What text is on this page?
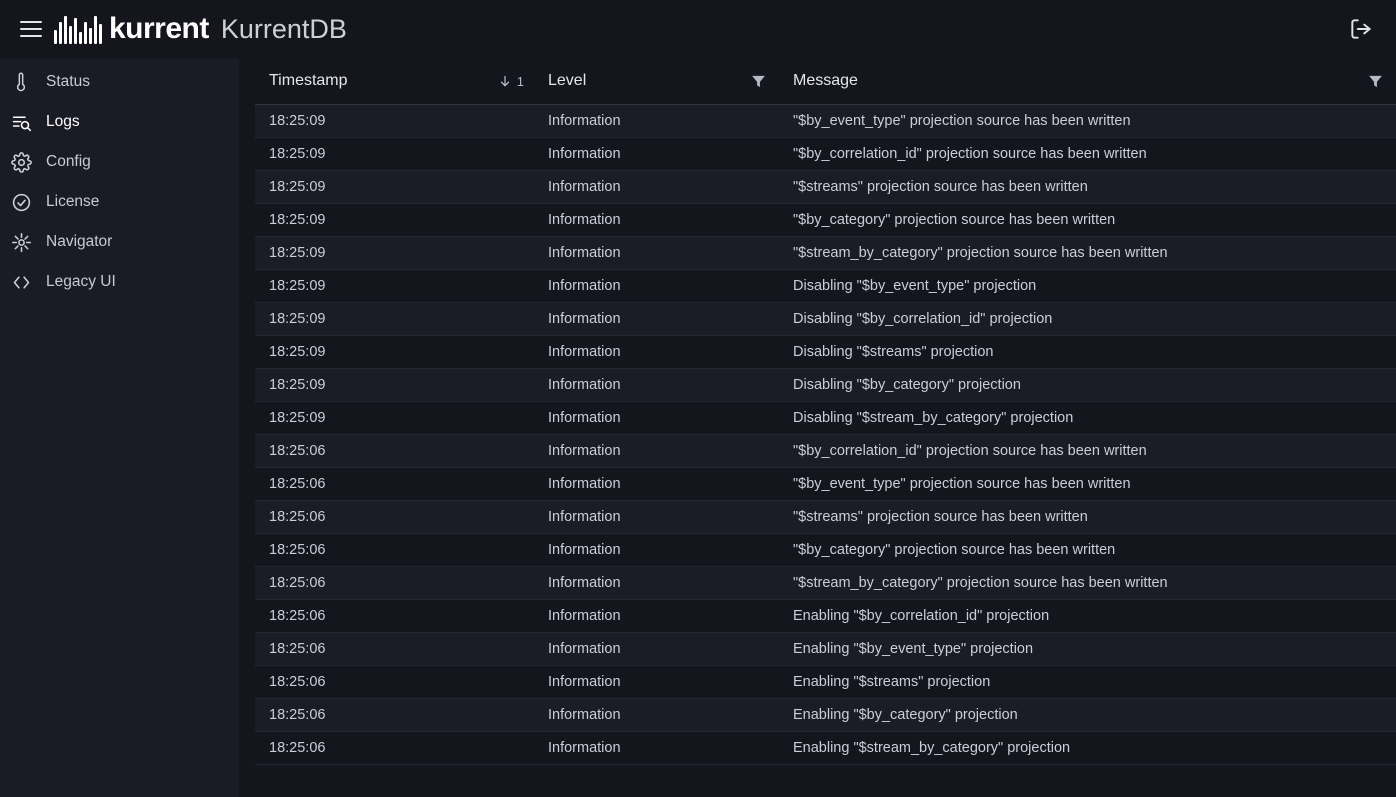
kurrent KurrentDB
Status
Logs
Config
License
Navigator
Legacy UI
Timestamp 1	Level	Message

18:25:09	Information	"$by_event_type" projection source has been written
18:25:09	Information	"$by_correlation_id" projection source has been written
18:25:09	Information	"$streams" projection source has been written
18:25:09	Information	"$by_category" projection source has been written
18:25:09	Information	"$stream_by_category" projection source has been written
18:25:09	Information	Disabling "$by_event_type" projection
18:25:09	Information	Disabling "$by_correlation_id" projection
18:25:09	Information	Disabling "$streams" projection
18:25:09	Information	Disabling "$by_category" projection
18:25:09	Information	Disabling "$stream_by_category" projection
18:25:06	Information	"$by_correlation_id" projection source has been written
18:25:06	Information	"$by_event_type" projection source has been written
18:25:06	Information	"$streams" projection source has been written
18:25:06	Information	"$by_category" projection source has been written
18:25:06	Information	"$stream_by_category" projection source has been written
18:25:06	Information	Enabling "$by_correlation_id" projection
18:25:06	Information	Enabling "$by_event_type" projection
18:25:06	Information	Enabling "$streams" projection
18:25:06	Information	Enabling "$by_category" projection
18:25:06	Information	Enabling "$stream_by_category" projection
